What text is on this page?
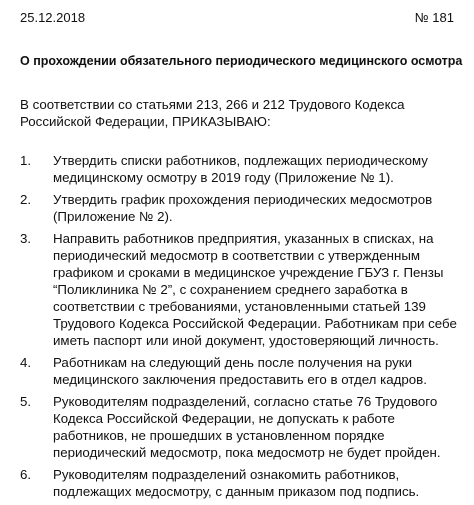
25.12.2018	№ 181
О прохождении обязательного периодического медицинского осмотра
В соответствии со статьями 213, 266 и 212 Трудового Кодекса Российской Федерации, ПРИКАЗЫВАЮ:
1.	Утвердить списки работников, подлежащих периодическому медицинскому осмотру в 2019 году (Приложение № 1).
2.	Утвердить график прохождения периодических медосмотров (Приложение № 2).
3.	Направить работников предприятия, указанных в списках, на периодический медосмотр в соответствии с утвержденным графиком и сроками в медицинское учреждение ГБУЗ г. Пензы “Поликлиника № 2”, с сохранением среднего заработка в соответствии с требованиями, установленными статьей 139 Трудового Кодекса Российской Федерации. Работникам при себе иметь паспорт или иной документ, удостоверяющий личность.
4.	Работникам на следующий день после получения на руки медицинского заключения предоставить его в отдел кадров.
5.	Руководителям подразделений, согласно статье 76 Трудового Кодекса Российской Федерации, не допускать к работе работников, не прошедших в установленном порядке периодический медосмотр, пока медосмотр не будет пройден.
6.	Руководителям подразделений ознакомить работников, подлежащих медосмотру, с данным приказом под подпись.
